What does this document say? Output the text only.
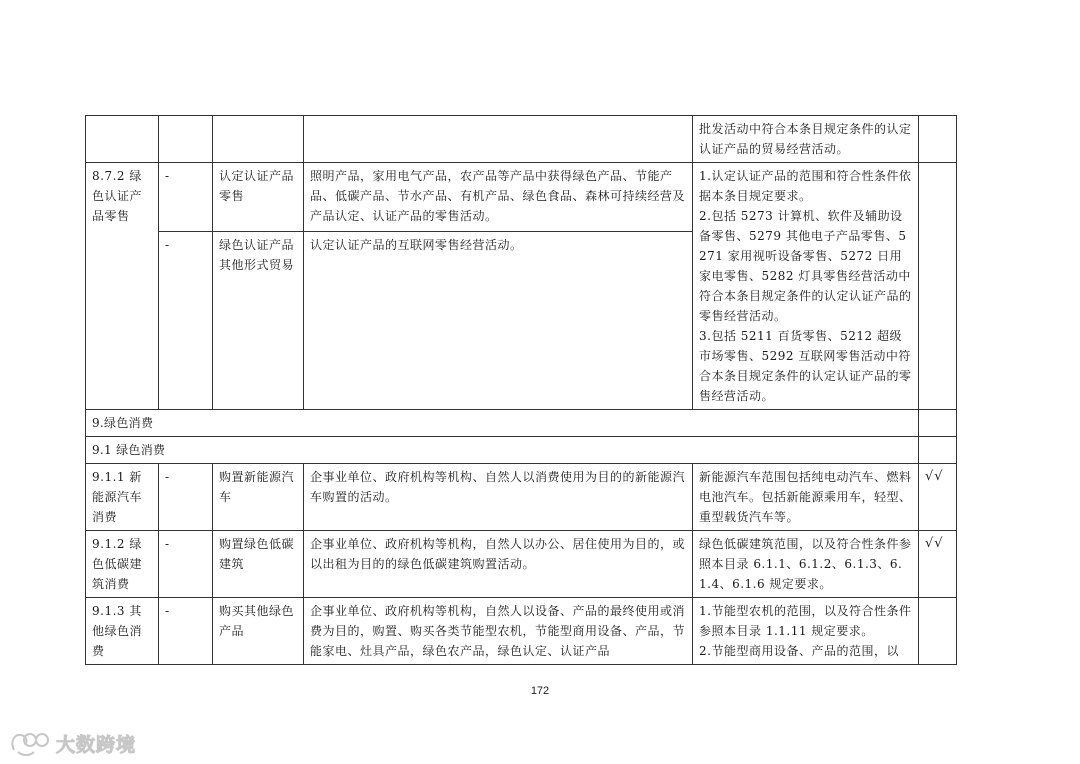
				批发活动中符合本条目规定条件的认定认证产品的贸易经营活动。	

8.7.2 绿色认证产品零售	-	认定认证产品零售	照明产品，家用电气产品，农产品等产品中获得绿色产品、节能产品、低碳产品、节水产品、有机产品、绿色食品、森林可持续经营及产品认定、认证产品的零售活动。	1.认定认证产品的范围和符合性条件依据本条目规定要求。
2.包括 5273 计算机、软件及辅助设备零售、5279 其他电子产品零售、5271 家用视听设备零售、5272 日用家电零售、5282 灯具零售经营活动中符合本条目规定条件的认定认证产品的零售经营活动。
3.包括 5211 百货零售、5212 超级市场零售、5292 互联网零售活动中符合本条目规定条件的认定认证产品的零售经营活动。	

	-	绿色认证产品其他形式贸易	认定认证产品的互联网零售经营活动。		
9.绿色消费					
9.1 绿色消费					
9.1.1 新能源汽车消费	-	购置新能源汽车	企事业单位、政府机构等机构、自然人以消费使用为目的的新能源汽车购置的活动。	新能源汽车范围包括纯电动汽车、燃料电池汽车。包括新能源乘用车，轻型、重型载货汽车等。	√√
9.1.2 绿色低碳建筑消费	-	购置绿色低碳建筑	企事业单位、政府机构等机构，自然人以办公、居住使用为目的，或以出租为目的的绿色低碳建筑购置活动。	绿色低碳建筑范围，以及符合性条件参照本目录 6.1.1、6.1.2、6.1.3、6.1.4、6.1.6 规定要求。	√√
9.1.3 其他绿色消费	-	购买其他绿色产品	企事业单位、政府机构等机构，自然人以设备、产品的最终使用或消费为目的，购置、购买各类节能型农机，节能型商用设备、产品，节能家电、灶具产品，绿色农产品，绿色认定、认证产品	1.节能型农机的范围，以及符合性条件参照本目录 1.1.11 规定要求。
2.节能型商用设备、产品的范围，以	

172
大数跨境
